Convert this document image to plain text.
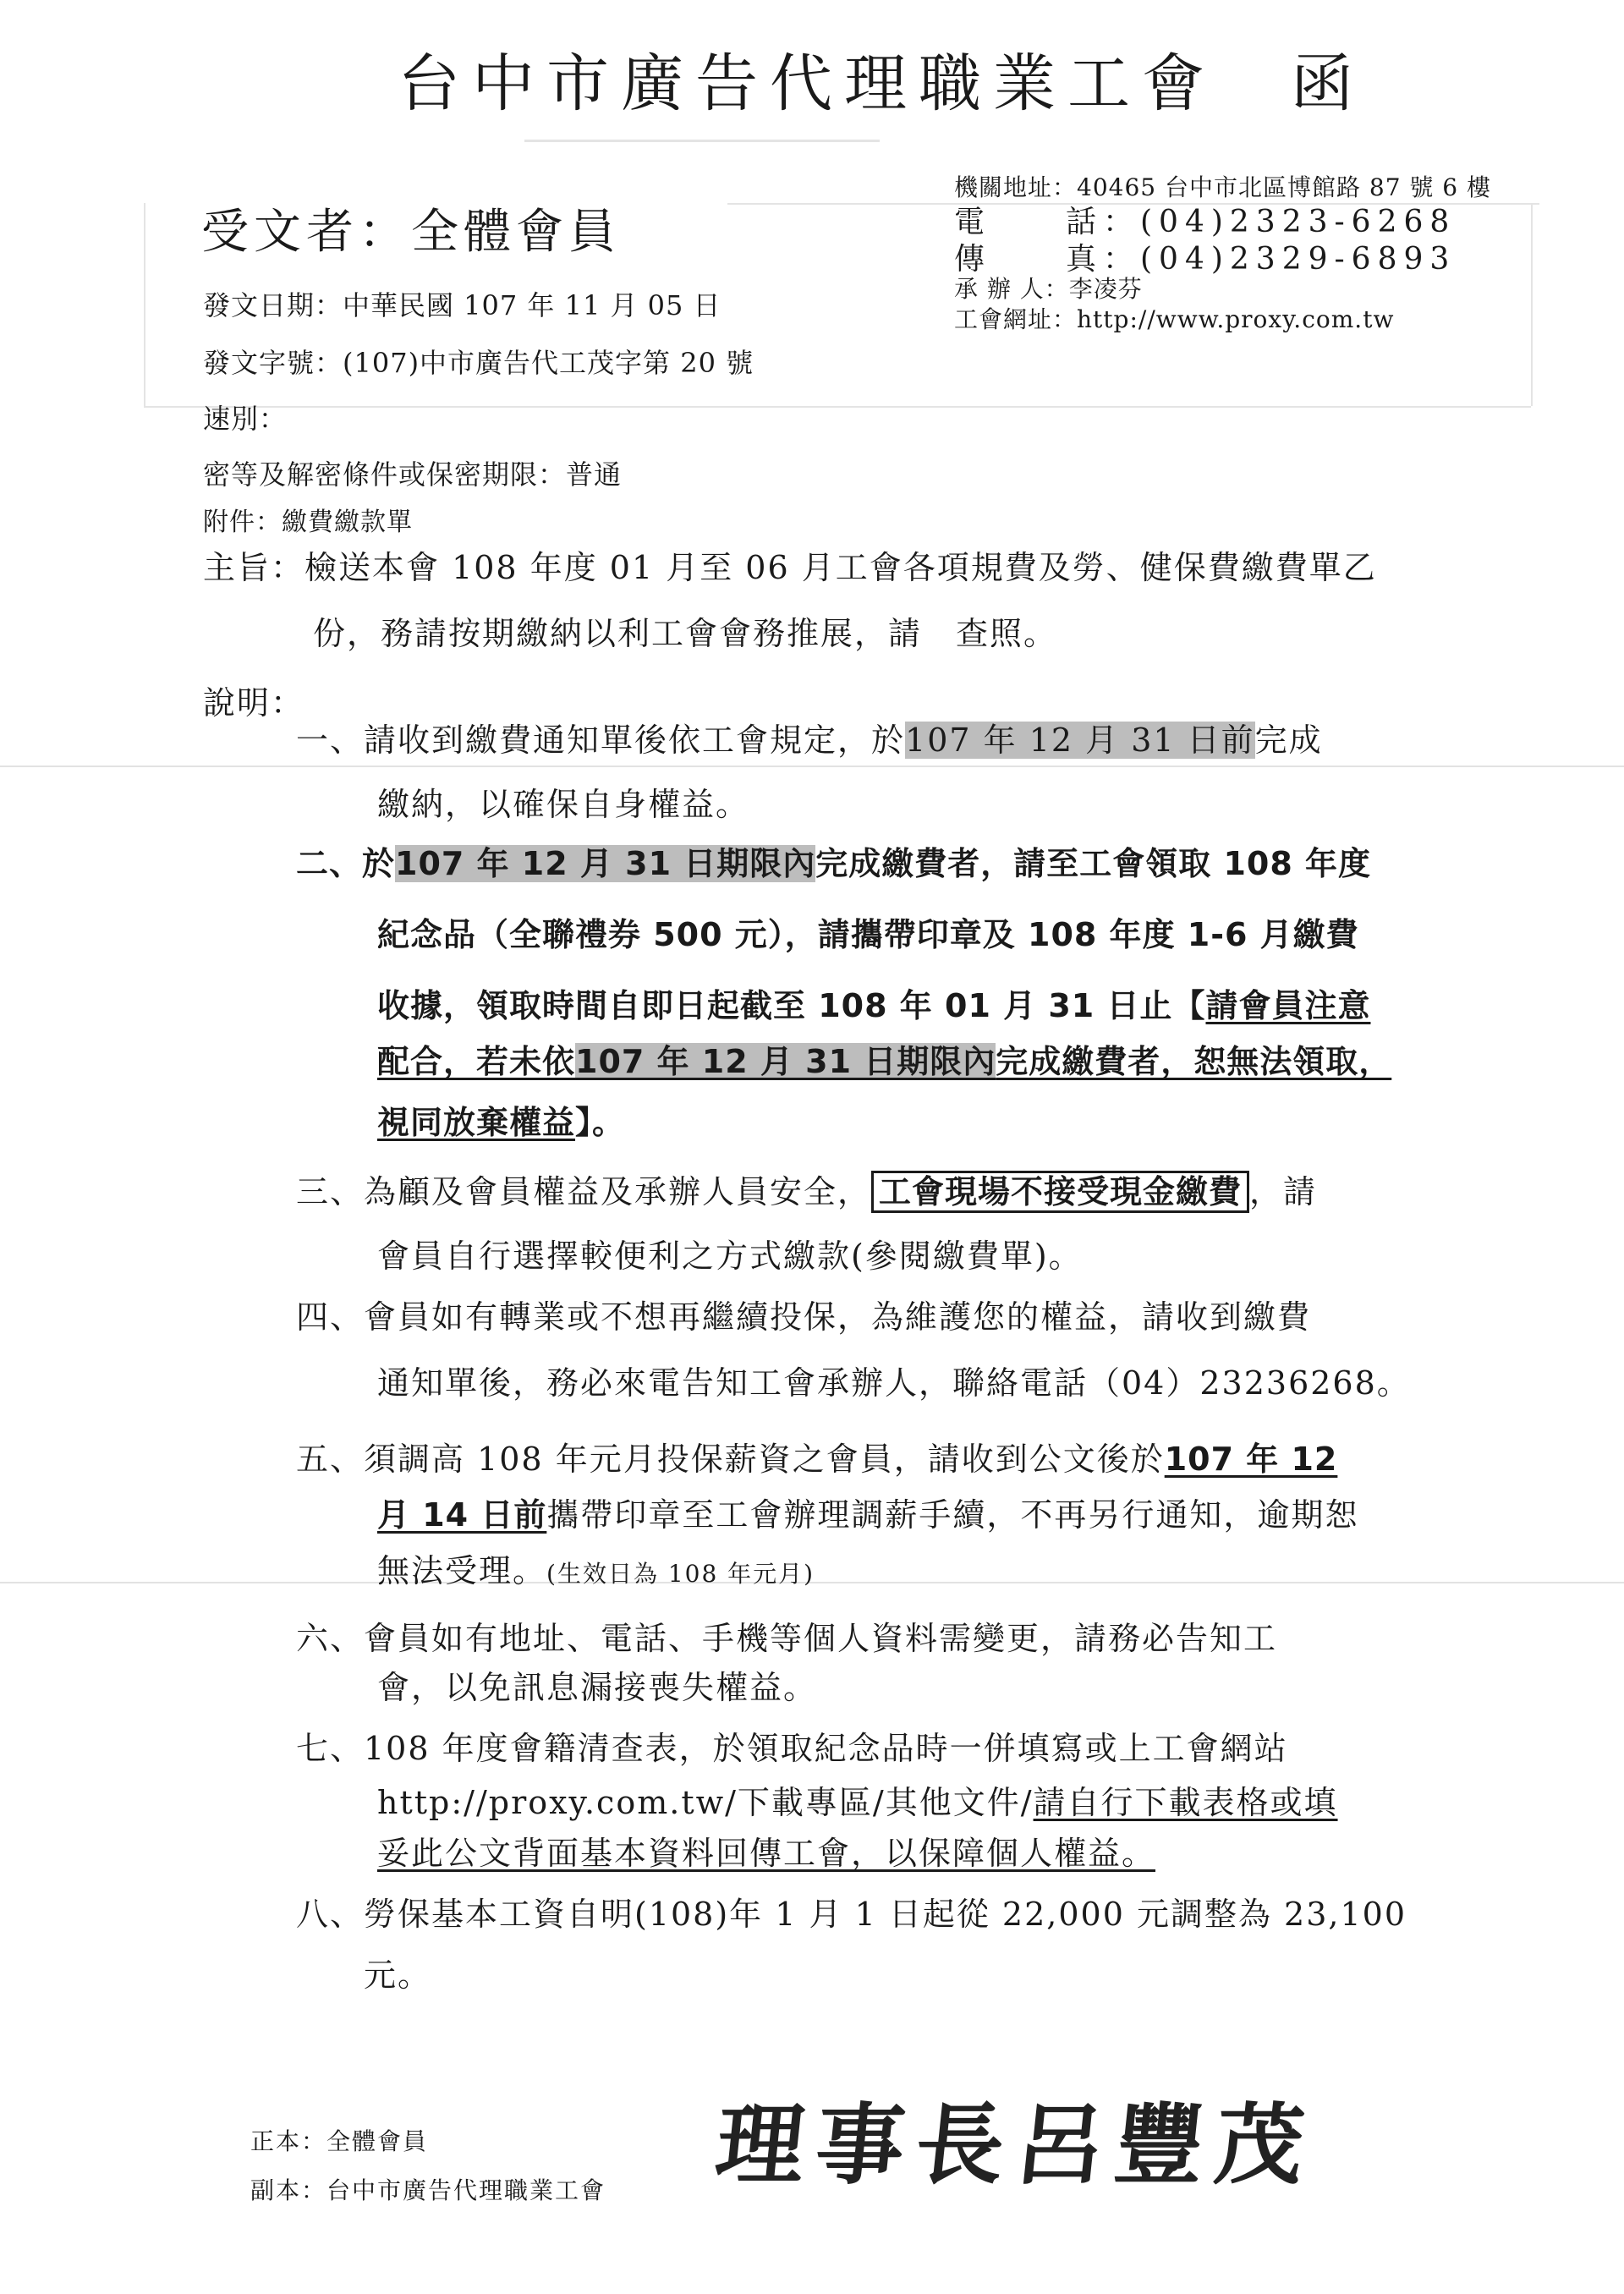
台中市廣告代理職業工會　函
受文者：全體會員
機關地址：40465 台中市北區博館路 87 號 6 樓
電　　話：(04)2323-6268
傳　　真：(04)2329-6893
承 辦 人：李凌芬
工會網址：http://www.proxy.com.tw
發文日期：中華民國 107 年 11 月 05 日
發文字號：(107)中市廣告代工茂字第 20 號
速別：
密等及解密條件或保密期限：普通
附件：繳費繳款單
主旨：檢送本會 108 年度 01 月至 06 月工會各項規費及勞、健保費繳費單乙
份，務請按期繳納以利工會會務推展，請　查照。
說明：
一、請收到繳費通知單後依工會規定，於107 年 12 月 31 日前完成
繳納，以確保自身權益。
二、於107 年 12 月 31 日期限內完成繳費者，請至工會領取 108 年度
紀念品（全聯禮券 500 元），請攜帶印章及 108 年度 1-6 月繳費
收據，領取時間自即日起截至 108 年 01 月 31 日止【請會員注意
配合，若未依107 年 12 月 31 日期限內完成繳費者，恕無法領取，
視同放棄權益】。
三、為顧及會員權益及承辦人員安全， 工會現場不接受現金繳費 ，請
會員自行選擇較便利之方式繳款(參閱繳費單)。
四、會員如有轉業或不想再繼續投保，為維護您的權益，請收到繳費
通知單後，務必來電告知工會承辦人，聯絡電話（04）23236268。
五、須調高 108 年元月投保薪資之會員，請收到公文後於107 年 12
月 14 日前攜帶印章至工會辦理調薪手續，不再另行通知，逾期恕
無法受理。(生效日為 108 年元月)
六、會員如有地址、電話、手機等個人資料需變更，請務必告知工
會，以免訊息漏接喪失權益。
七、108 年度會籍清查表，於領取紀念品時一併填寫或上工會網站
http://proxy.com.tw/下載專區/其他文件/請自行下載表格或填
妥此公文背面基本資料回傳工會，以保障個人權益。
八、勞保基本工資自明(108)年 1 月 1 日起從 22,000 元調整為 23,100
元。
正本：全體會員
副本：台中市廣告代理職業工會 理事長呂豐茂
